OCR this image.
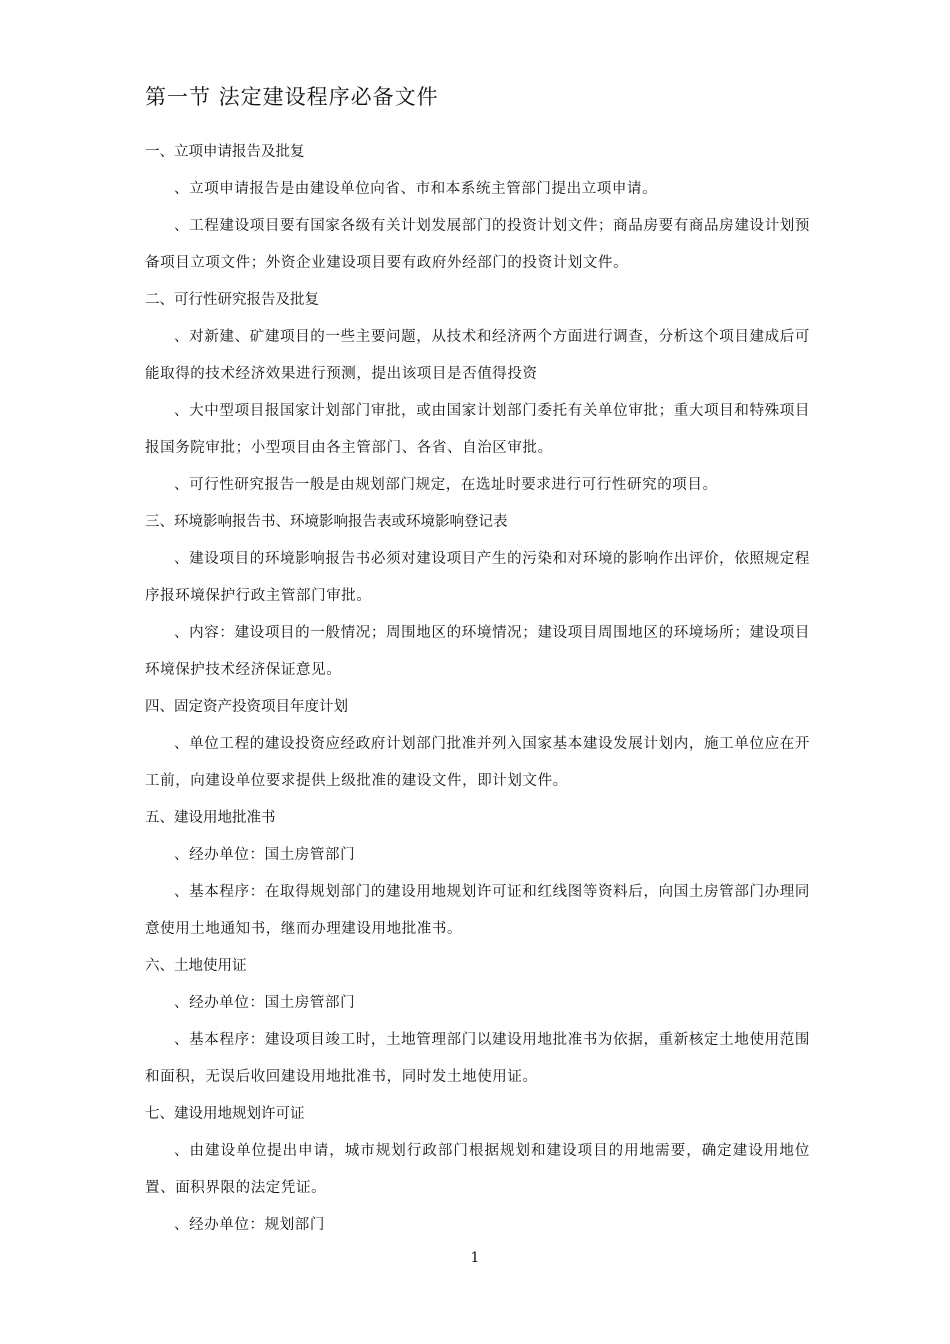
第一节 法定建设程序必备文件

一、立项申请报告及批复

、立项申请报告是由建设单位向省、市和本系统主管部门提出立项申请。

、工程建设项目要有国家各级有关计划发展部门的投资计划文件；商品房要有商品房建设计划预备项目立项文件；外资企业建设项目要有政府外经部门的投资计划文件。

二、可行性研究报告及批复

、对新建、矿建项目的一些主要问题，从技术和经济两个方面进行调查，分析这个项目建成后可能取得的技术经济效果进行预测，提出该项目是否值得投资

、大中型项目报国家计划部门审批，或由国家计划部门委托有关单位审批；重大项目和特殊项目报国务院审批；小型项目由各主管部门、各省、自治区审批。

、可行性研究报告一般是由规划部门规定，在选址时要求进行可行性研究的项目。

三、环境影响报告书、环境影响报告表或环境影响登记表

、建设项目的环境影响报告书必须对建设项目产生的污染和对环境的影响作出评价，依照规定程序报环境保护行政主管部门审批。

、内容：建设项目的一般情况；周围地区的环境情况；建设项目周围地区的环境场所；建设项目环境保护技术经济保证意见。

四、固定资产投资项目年度计划

、单位工程的建设投资应经政府计划部门批准并列入国家基本建设发展计划内，施工单位应在开工前，向建设单位要求提供上级批准的建设文件，即计划文件。

五、建设用地批准书

、经办单位：国土房管部门

、基本程序：在取得规划部门的建设用地规划许可证和红线图等资料后，向国土房管部门办理同意使用土地通知书，继而办理建设用地批准书。

六、土地使用证

、经办单位：国土房管部门

、基本程序：建设项目竣工时，土地管理部门以建设用地批准书为依据，重新核定土地使用范围和面积，无误后收回建设用地批准书，同时发土地使用证。

七、建设用地规划许可证

、由建设单位提出申请，城市规划行政部门根据规划和建设项目的用地需要，确定建设用地位置、面积界限的法定凭证。

、经办单位：规划部门

1
